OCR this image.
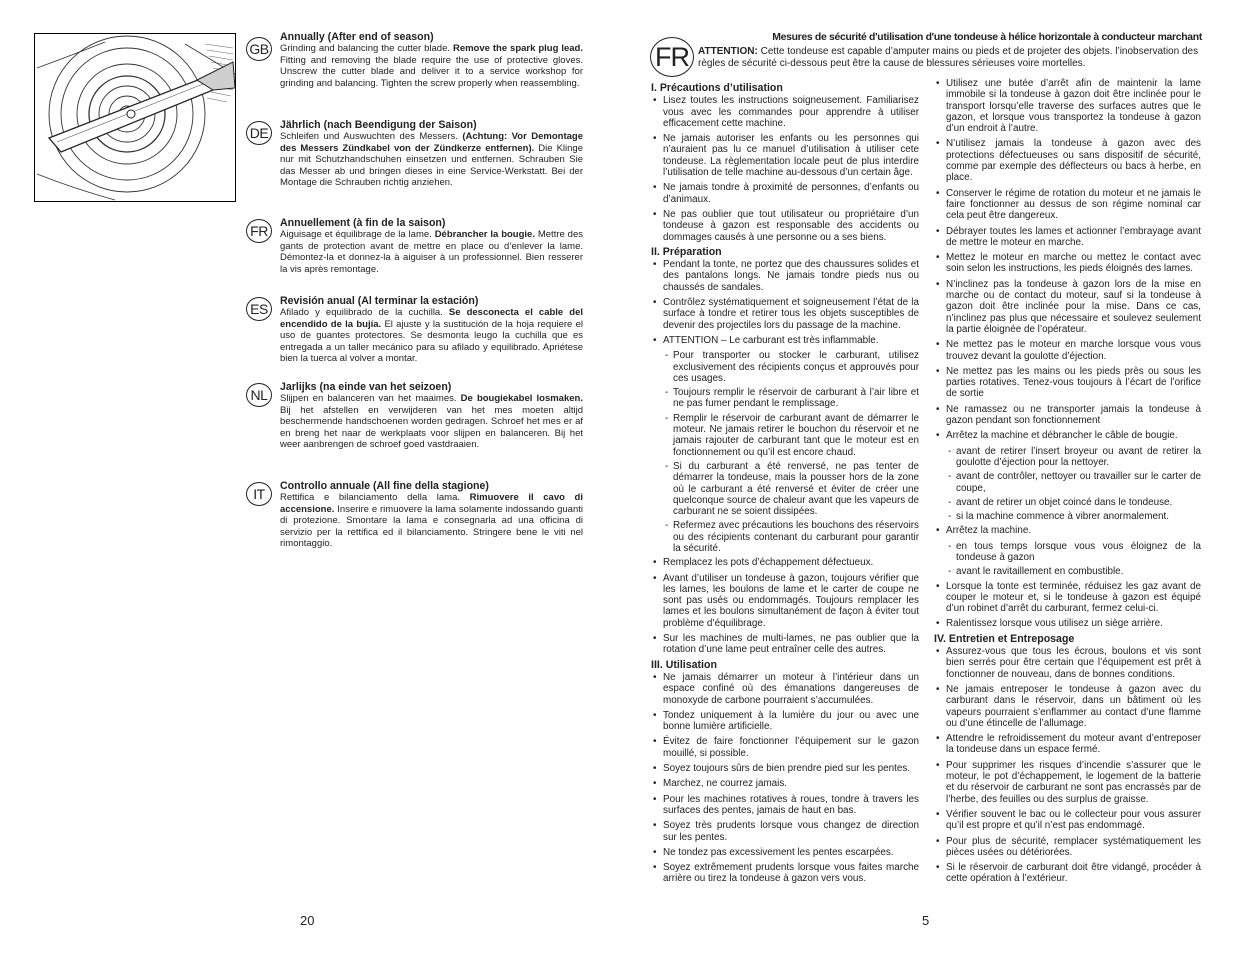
GB
Annually (After end of season)
Grinding and balancing the cutter blade. Remove the spark plug lead. Fitting and removing the blade require the use of protective gloves. Unscrew the cutter blade and deliver it to a service workshop for grinding and balancing. Tighten the screw properly when reassembling.
DE	Jährlich (nach Beendigung der Saison)
Schleifen und Auswuchten des Messers. (Achtung: Vor Demontage des Messers Zündkabel von der Zündkerze entfernen). Die Klinge nur mit Schutzhandschuhen einsetzen und entfernen. Schrauben Sie das Messer ab und bringen dieses in eine Service-Werkstatt. Bei der Montage die Schrauben richtig anziehen.
FR	Annuellement (à fin de la saison)
Aiguisage et équilibrage de la lame. Débrancher la bougie. Mettre des gants de protection avant de mettre en place ou d’enlever la lame. Démontez-la et donnez-la à aiguiser à un professionnel. Bien resserer la vis après remontage.
ES	Revisión anual (Al terminar la estación)
Afilado y equilibrado de la cuchilla. Se desconecta el cable del encendido de la bujía. El ajuste y la sustitución de la hoja requiere el uso de guantes protectores. Se desmonta leugo la cuchilla que es entregada a un taller mecánico para su afilado y equilibrado. Apriétese bien la tuerca al volver a montar.
NL	Jarlijks (na einde van het seizoen)
Slijpen en balanceren van het maaimes. De bougiekabel losmaken. Bij het afstellen en verwijderen van het mes moeten altijd beschermende handschoenen worden gedragen. Schroef het mes er af en breng het naar de werkplaats voor slijpen en balanceren. Bij het weer aanbrengen de schroef goed vastdraaien.
IT	Controllo annuale (All fine della stagione)
Rettifica e bilanciamento della lama. Rimuovere il cavo di accensione. Inserire e rimuovere la lama solamente indossando guanti di protezione. Smontare la lama e consegnarla ad una officina di servizio per la rettifica ed il bilanciamento. Stringere bene le viti nel rimontaggio.
20
FR
Mesures de sécurité d'utilisation d'une tondeuse à hélice horizontale à conducteur marchant
ATTENTION: Cette tondeuse est capable d’amputer mains ou pieds et de projeter des objets. l’inobservation des règles de sécurité ci-dessous peut être la cause de blessures sérieuses voire mortelles.
I. Précautions d’utilisation
• Lisez toutes les instructions soigneusement. Familiarisez vous avec les commandes pour apprendre à utiliser efficacement cette machine.
• Ne jamais autoriser les enfants ou les personnes qui n’auraient pas lu ce manuel d’utilisation à utiliser cete tondeuse. La règlementation locale peut de plus interdire l’utilisation de telle machine au-dessous d’un certain âge.
• Ne jamais tondre à proximité de personnes, d’enfants ou d’animaux.
• Ne pas oublier que tout utilisateur ou propriétaire d’un tondeuse à gazon est responsable des accidents ou dommages causés à une personne ou a ses biens.
II. Préparation
• Pendant la tonte, ne portez que des chaussures solides et des pantalons longs. Ne jamais tondre pieds nus ou chaussés de sandales.
• Contrôlez systématiquement et soigneusement l’état de la surface à tondre et retirer tous les objets susceptibles de devenir des projectiles lors du passage de la machine.
• ATTENTION – Le carburant est très inflammable.
- Pour transporter ou stocker le carburant, utilisez exclusivement des récipients conçus et approuvés pour ces usages.
- Toujours remplir le réservoir de carburant à l’air libre et ne pas fumer pendant le remplissage.
- Remplir le réservoir de carburant avant de démarrer le moteur. Ne jamais retirer le bouchon du réservoir et ne jamais rajouter de carburant tant que le moteur est en fonctionnement ou qu’il est encore chaud.
- Si du carburant a été renversé, ne pas tenter de démarrer la tondeuse, mais la pousser hors de la zone où le carburant a été renversé et éviter de créer une quelconque source de chaleur avant que les vapeurs de carburant ne se soient dissipées.
- Refermez avec précautions les bouchons des réservoirs ou des récipients contenant du carburant pour garantir la sécurité.
• Remplacez les pots d’échappement défectueux.
• Avant d’utiliser un tondeuse à gazon, toujours vérifier que les lames, les boulons de lame et le carter de coupe ne sont pas usés ou endommagés. Toujours remplacer les lames et les boulons simultanément de façon à éviter tout problème d’équilibrage.
• Sur les machines de multi-lames, ne pas oublier que la rotation d’une lame peut entraîner celle des autres.
III. Utilisation
• Ne jamais démarrer un moteur à l’intérieur dans un espace confiné où des émanations dangereuses de monoxyde de carbone pourraient s’accumulées.
• Tondez uniquement à la lumière du jour ou avec une bonne lumière artificielle.
• Évitez de faire fonctionner l’équipement sur le gazon mouillé, si possible.
• Soyez toujours sûrs de bien prendre pied sur les pentes.
• Marchez, ne courrez jamais.
• Pour les machines rotatives à roues, tondre à travers les surfaces des pentes, jamais de haut en bas.
• Soyez très prudents lorsque vous changez de direction sur les pentes.
• Ne tondez pas excessivement les pentes escarpées.
• Soyez extrêmement prudents lorsque vous faites marche arrière ou tirez la tondeuse à gazon vers vous.
• Utilisez une butée d’arrêt afin de maintenir la lame immobile si la tondeuse à gazon doit être inclinée pour le transport lorsqu’elle traverse des surfaces autres que le gazon, et lorsque vous transportez la tondeuse à gazon d’un endroit à l’autre.
• N’utilisez jamais la tondeuse à gazon avec des protections défectueuses ou sans dispositif de sécurité, comme par exemple des déflecteurs ou bacs à herbe, en place.
• Conserver le régime de rotation du moteur et ne jamais le faire fonctionner au dessus de son régime nominal car cela peut être dangereux.
• Débrayer toutes les lames et actionner l’embrayage avant de mettre le moteur en marche.
• Mettez le moteur en marche ou mettez le contact avec soin selon les instructions, les pieds éloignés des lames.
• N’inclinez pas la tondeuse à gazon lors de la mise en marche ou de contact du moteur, sauf si la tondeuse à gazon doit être inclinée pour la mise. Dans ce cas, n’inclinez pas plus que nécessaire et soulevez seulement la partie éloignée de l’opérateur.
• Ne mettez pas le moteur en marche lorsque vous vous trouvez devant la goulotte d’éjection.
• Ne mettez pas les mains ou les pieds près ou sous les parties rotatives. Tenez-vous toujours à l’écart de l’orifice de sortie
• Ne ramassez ou ne transporter jamais la tondeuse à gazon pendant son fonctionnement
• Arrêtez la machine et débrancher le câble de bougie.
- avant de retirer l’insert broyeur ou avant de retirer la goulotte d’éjection pour la nettoyer.
- avant de contrôler, nettoyer ou travailler sur le carter de coupe,
- avant de retirer un objet coincé dans le tondeuse.
- si la machine commence à vibrer anormalement.
• Arrêtez la machine.
- en tous temps lorsque vous vous éloignez de la tondeuse à gazon
- avant le ravitaillement en combustible.
• Lorsque la tonte est terminée, réduisez les gaz avant de couper le moteur et, si le tondeuse à gazon est équipé d’un robinet d’arrêt du carburant, fermez celui-ci.
• Ralentissez lorsque vous utilisez un siège arrière.
IV. Entretien et Entreposage
• Assurez-vous que tous les écrous, boulons et vis sont bien serrés pour être certain que l’équipement est prêt à fonctionner de nouveau, dans de bonnes conditions.
• Ne jamais entreposer le tondeuse à gazon avec du carburant dans le réservoir, dans un bâtiment où les vapeurs pourraient s’enflammer au contact d’une flamme ou d’une étincelle de l’allumage.
• Attendre le refroidissement du moteur avant d’entreposer la tondeuse dans un espace fermé.
• Pour supprimer les risques d’incendie s’assurer que le moteur, le pot d’échappement, le logement de la batterie et du réservoir de carburant ne sont pas encrassés par de l’herbe, des feuilles ou des surplus de graisse.
• Vérifier souvent le bac ou le collecteur pour vous assurer qu’il est propre et qu’il n’est pas endommagé.
• Pour plus de sécurité, remplacer systématiquement les pièces usées ou détériorées.
• Si le réservoir de carburant doit être vidangé, procéder à cette opération à l’extérieur.
5
